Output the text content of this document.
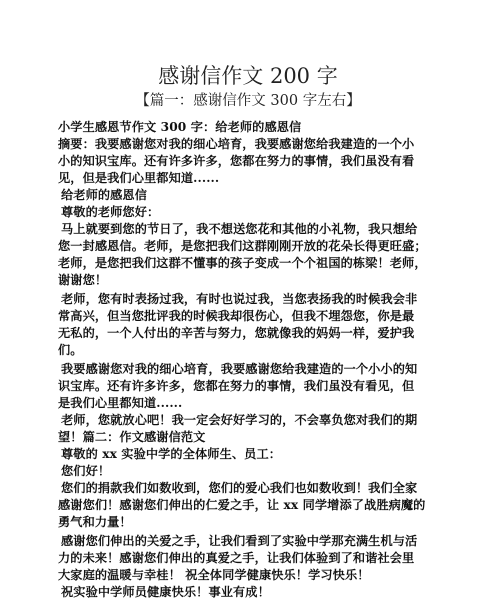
感谢信作文 200 字
【篇一：感谢信作文 300 字左右】
小学生感恩节作文 300 字：给老师的感恩信
摘要：我要感谢您对我的细心培育，我要感谢您给我建造的一个小
小的知识宝库。还有许多许多，您都在努力的事情，我们虽没有看
见，但是我们心里都知道......
给老师的感恩信
尊敬的老师您好：
马上就要到您的节日了，我不想送您花和其他的小礼物，我只想给
您一封感恩信。老师，是您把我们这群刚刚开放的花朵长得更旺盛；
老师，是您把我们这群不懂事的孩子变成一个个祖国的栋梁！老师，
谢谢您！
老师，您有时表扬过我，有时也说过我，当您表扬我的时候我会非
常高兴，但当您批评我的时候我却很伤心，但我不埋怨您，你是最
无私的，一个人付出的辛苦与努力，您就像我的妈妈一样，爱护我
们。
我要感谢您对我的细心培育，我要感谢您给我建造的一个小小的知
识宝库。还有许多许多，您都在努力的事情，我们虽没有看见，但
是我们心里都知道......
老师，您就放心吧！我一定会好好学习的，不会辜负您对我们的期
望！篇二：作文感谢信范文
尊敬的 xx 实验中学的全体师生、员工：
您们好！
您们的捐款我们如数收到，您们的爱心我们也如数收到！我们全家
感谢您们！感谢您们伸出的仁爱之手，让 xx 同学增添了战胜病魔的
勇气和力量！
感谢您们伸出的关爱之手，让我们看到了实验中学那充满生机与活
力的未来！感谢您们伸出的真爱之手，让我们体验到了和谐社会里
大家庭的温暖与幸桂！ 祝全体同学健康快乐！学习快乐！
祝实验中学师员健康快乐！事业有成！
